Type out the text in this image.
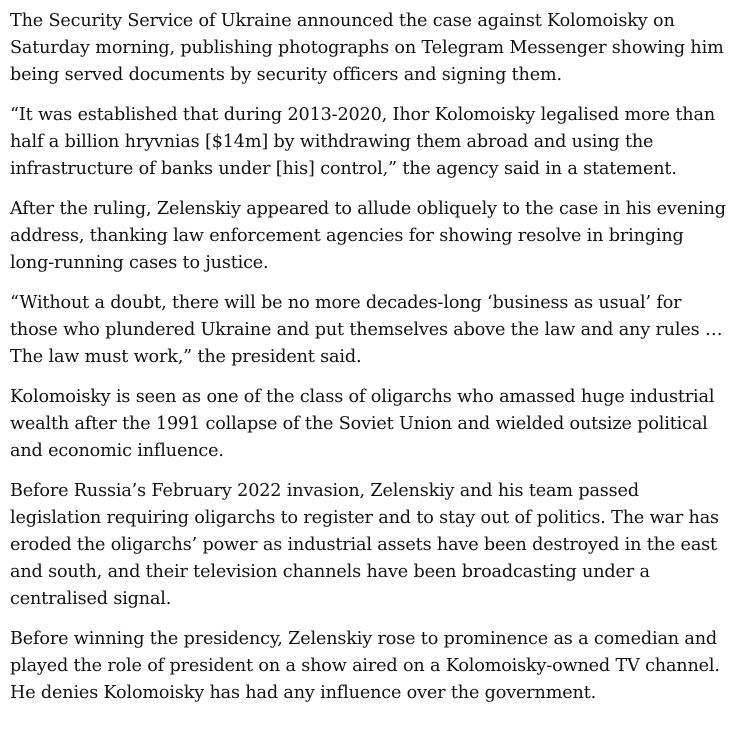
The Security Service of Ukraine announced the case against Kolomoisky on Saturday morning, publishing photographs on Telegram Messenger showing him being served documents by security officers and signing them.

“It was established that during 2013-2020, Ihor Kolomoisky legalised more than half a billion hryvnias [$14m] by withdrawing them abroad and using the infrastructure of banks under [his] control,” the agency said in a statement.

After the ruling, Zelenskiy appeared to allude obliquely to the case in his evening address, thanking law enforcement agencies for showing resolve in bringing long-running cases to justice.

“Without a doubt, there will be no more decades-long ‘business as usual’ for those who plundered Ukraine and put themselves above the law and any rules … The law must work,” the president said.

Kolomoisky is seen as one of the class of oligarchs who amassed huge industrial wealth after the 1991 collapse of the Soviet Union and wielded outsize political and economic influence.

Before Russia’s February 2022 invasion, Zelenskiy and his team passed legislation requiring oligarchs to register and to stay out of politics. The war has eroded the oligarchs’ power as industrial assets have been destroyed in the east and south, and their television channels have been broadcasting under a centralised signal.

Before winning the presidency, Zelenskiy rose to prominence as a comedian and played the role of president on a show aired on a Kolomoisky-owned TV channel. He denies Kolomoisky has had any influence over the government.
